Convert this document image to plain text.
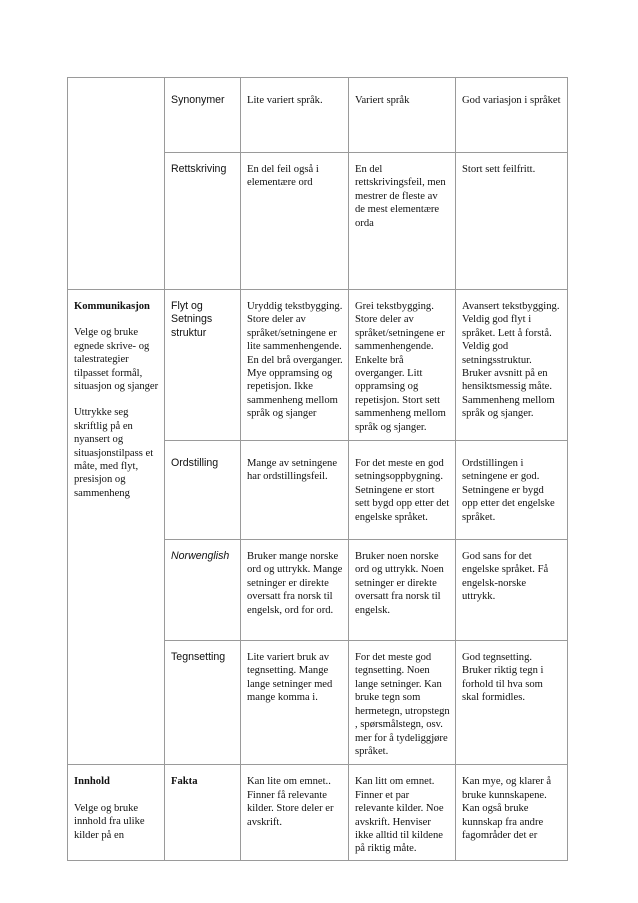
	Synonymer	Lite variert språk.	Variert språk	God variasjon i språket
	Rettskriving	En del feil også i elementære ord	En del rettskrivingsfeil, men mestrer de fleste av de mest elementære orda	Stort sett feilfritt.

Kommunikasjon
Velge og bruke egnede skrive- og talestrategier tilpasset formål, situasjon og sjanger
Uttrykke seg skriftlig på en nyansert og situasjonstilpass et måte, med flyt, presisjon og sammenheng	Flyt og Setnings struktur	Uryddig tekstbygging. Store deler av språket/setningene er lite sammenhengende. En del brå overganger. Mye oppramsing og repetisjon. Ikke sammenheng mellom språk og sjanger	Grei tekstbygging. Store deler av språket/setningene er sammenhengende. Enkelte brå overganger. Litt oppramsing og repetisjon. Stort sett sammenheng mellom språk og sjanger.	Avansert tekstbygging. Veldig god flyt i språket. Lett å forstå. Veldig god setningsstruktur. Bruker avsnitt på en hensiktsmessig måte. Sammenheng mellom språk og sjanger.
	Ordstilling	Mange av setningene har ordstillingsfeil.	For det meste en god setningsoppbygning. Setningene er stort sett bygd opp etter det engelske språket.	Ordstillingen i setningene er god. Setningene er bygd opp etter det engelske språket.
	Norwenglish	Bruker mange norske ord og uttrykk. Mange setninger er direkte oversatt fra norsk til engelsk, ord for ord.	Bruker noen norske ord og uttrykk. Noen setninger er direkte oversatt fra norsk til engelsk.	God sans for det engelske språket. Få engelsk-norske uttrykk.
	Tegnsetting	Lite variert bruk av tegnsetting. Mange lange setninger med mange komma i.	For det meste god tegnsetting. Noen lange setninger. Kan bruke tegn som hermetegn, utropstegn , spørsmålstegn, osv. mer for å tydeliggjøre språket.	God tegnsetting. Bruker riktig tegn i forhold til hva som skal formidles.

Innhold
Velge og bruke innhold fra ulike kilder på en	Fakta	Kan lite om emnet.. Finner få relevante kilder. Store deler er avskrift.	Kan litt om emnet. Finner et par relevante kilder. Noe avskrift. Henviser ikke alltid til kildene på riktig måte.	Kan mye, og klarer å bruke kunnskapene. Kan også bruke kunnskap fra andre fagområder det er
